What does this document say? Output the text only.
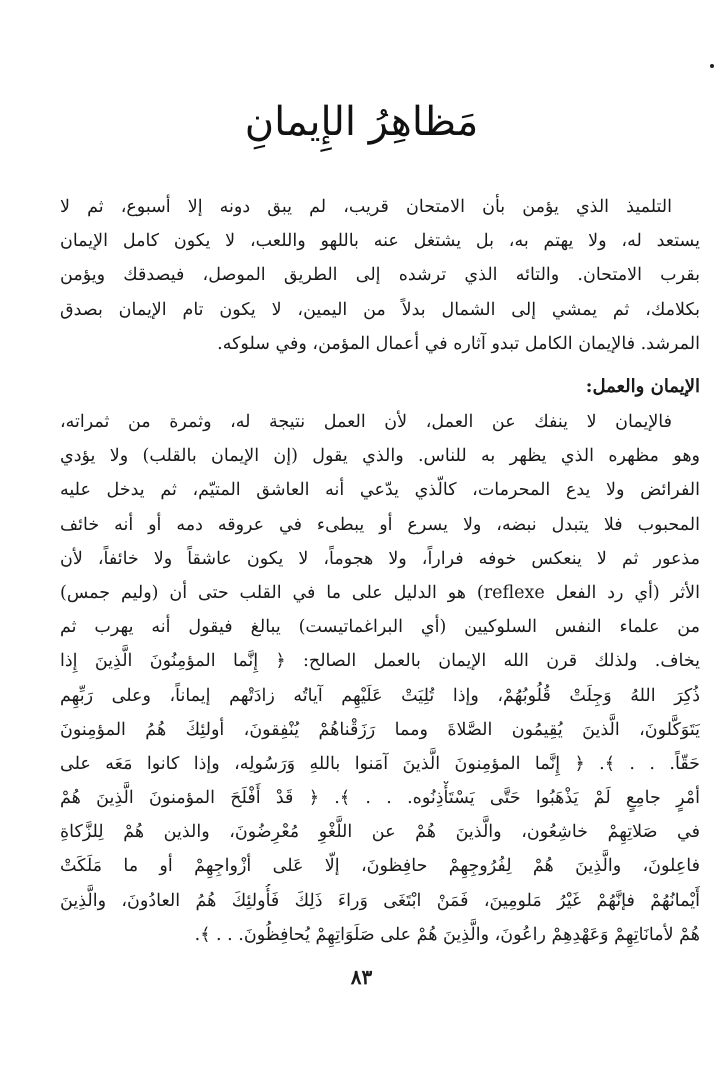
مَظاهِرُ الإِيمانِ
التلميذ الذي يؤمن بأن الامتحان قريب، لم يبق دونه إلا أسبوع، ثم لا
يستعد له، ولا يهتم به، بل يشتغل عنه باللهو واللعب، لا يكون كامل الإيمان
بقرب الامتحان. والتائه الذي ترشده إلى الطريق الموصل، فيصدقك ويؤمن
بكلامك، ثم يمشي إلى الشمال بدلاً من اليمين، لا يكون تام الإيمان بصدق
المرشد. فالإيمان الكامل تبدو آثاره في أعمال المؤمن، وفي سلوكه.
الإيمان والعمل:
فالإيمان لا ينفك عن العمل، لأن العمل نتيجة له، وثمرة من ثمراته،
وهو مظهره الذي يظهر به للناس. والذي يقول (إن الإيمان بالقلب) ولا يؤدي
الفرائض ولا يدع المحرمات، كالّذي يدّعي أنه العاشق المتيّم، ثم يدخل عليه
المحبوب فلا يتبدل نبضه، ولا يسرع أو يبطىء في عروقه دمه أو أنه خائف
مذعور ثم لا ينعكس خوفه فراراً، ولا هجوماً، لا يكون عاشقاً ولا خائفاً، لأن
الأثر (أي رد الفعل reflexe) هو الدليل على ما في القلب حتى أن (وليم جمس)
من علماء النفس السلوكيين (أي البراغماتيست) يبالغ فيقول أنه يهرب ثم
يخاف. ولذلك قرن الله الإيمان بالعمل الصالح: ﴿ إِنَّما المؤمِنُونَ الَّذِينَ إِذا
ذُكِرَ اللهُ وَجِلَتْ قُلُوبُهُمْ، وإذا تُلِيَتْ عَلَيْهِم آياتُه زادَتْهم إيماناً، وعلى رَبِّهِم
يَتَوَكَّلونَ، الَّذينَ يُقِيمُون الصَّلاةَ ومما رَزَقْناهُمْ يُنْفِقونَ، أولئِكَ هُمُ المؤمِنونَ
حَقّاً. . . ﴾. ﴿ إِنَّما المؤمِنونَ الَّذينَ آمَنوا باللهِ وَرَسُولِه، وإذا كانوا مَعَه على
أمْرٍ جامِعٍ لَمْ يَذْهَبُوا حَتَّى يَسْتَأْذِنُوه. . . ﴾. ﴿ قَدْ أَفْلَحَ المؤمنونَ الَّذِينَ هُمْ
في صَلاتِهِمْ خاشِعُون، والَّذينَ هُمْ عن اللَّغْوِ مُعْرِضُونَ، والذين هُمْ لِلزَّكاةِ
فاعِلونَ، والَّذِينَ هُمْ لِفُرُوجِهِمْ حافِظونَ، إلّا عَلى أزْواجِهِمْ أو ما مَلَكَتْ
أَيْمانُهُمْ فإنَّهُمْ غَيْرُ مَلومِينَ، فَمَنْ ابْتَغَى وَراءَ ذَلِكَ فَأُولئِكَ هُمُ العادُونَ، والَّذِينَ
هُمْ لأمانَاتِهِمْ وَعَهْدِهِمْ راعُونَ، والَّذِينَ هُمْ على صَلَوَاتِهِمْ يُحافِظُونَ. . . ﴾.
٨٣
